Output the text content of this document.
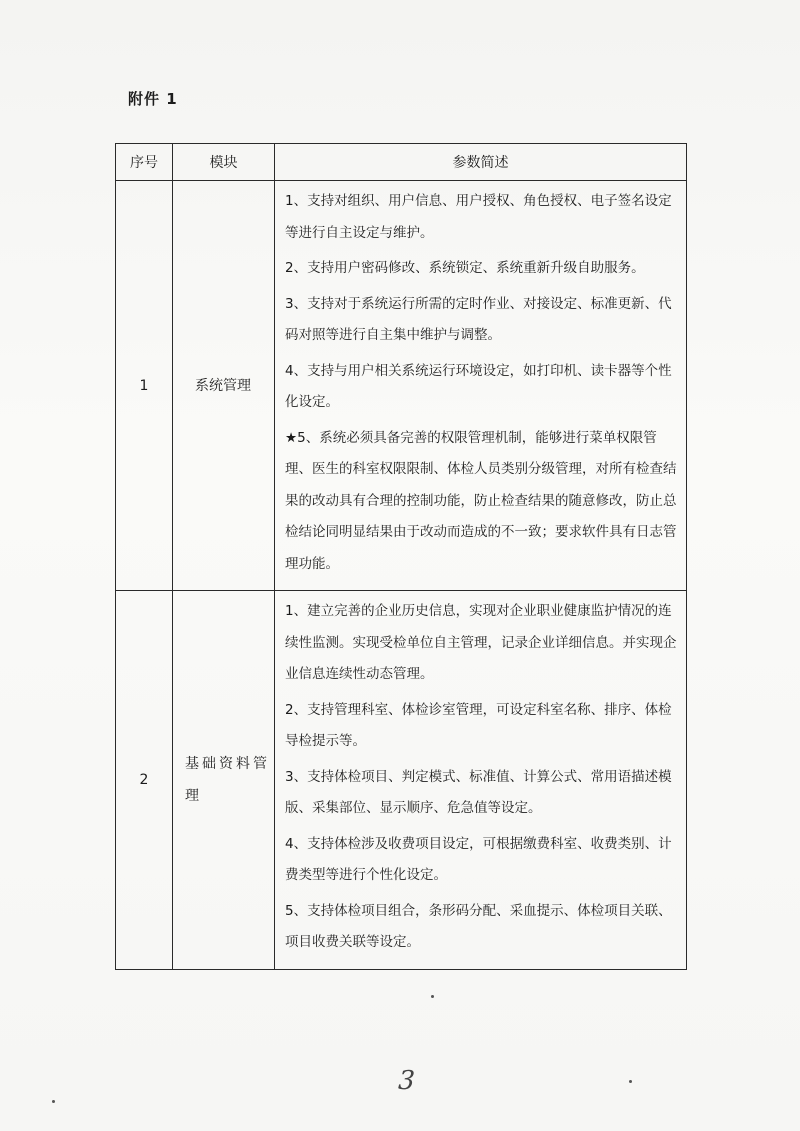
附件 1
序号	模块	参数简述
1	系统管理	1、支持对组织、用户信息、用户授权、角色授权、电子签名设定等进行自主设定与维护。

2、支持用户密码修改、系统锁定、系统重新升级自助服务。

3、支持对于系统运行所需的定时作业、对接设定、标准更新、代码对照等进行自主集中维护与调整。

4、支持与用户相关系统运行环境设定，如打印机、读卡器等个性化设定。

★5、系统必须具备完善的权限管理机制，能够进行菜单权限管理、医生的科室权限限制、体检人员类别分级管理，对所有检查结果的改动具有合理的控制功能，防止检查结果的随意修改，防止总检结论同明显结果由于改动而造成的不一致；要求软件具有日志管理功能。

2	基础资料管理	1、建立完善的企业历史信息，实现对企业职业健康监护情况的连续性监测。实现受检单位自主管理，记录企业详细信息。并实现企业信息连续性动态管理。

2、支持管理科室、体检诊室管理，可设定科室名称、排序、体检导检提示等。

3、支持体检项目、判定模式、标准值、计算公式、常用语描述模版、采集部位、显示顺序、危急值等设定。

4、支持体检涉及收费项目设定，可根据缴费科室、收费类别、计费类型等进行个性化设定。

5、支持体检项目组合，条形码分配、采血提示、体检项目关联、项目收费关联等设定。

3
